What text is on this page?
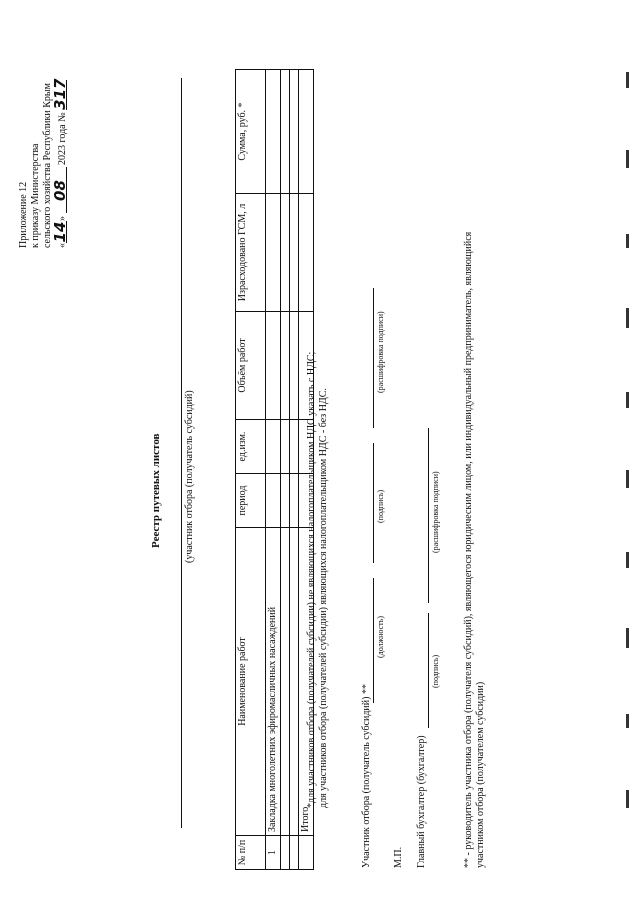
Приложение 12 к приказу Министерства сельского хозяйства Республики Крым «14» 08 2023 года № 317
Реестр путевых листов (участник отбора (получатель субсидий)
№ п/п	Наименование работ	период	ед.изм.	Объём работ	Израсходовано ГСМ, л	Сумма, руб. *
1	Закладка многолетних эфиромасличных насаждений					

	Итого					
*для участников отбора (получателей субсидии) не являющихся налогоплательщиком НДС указать с НДС; для участников отбора (получателей субсидии) являющихся налогоплательщиком НДС - без НДС.	Участник отбора (получатель субсидий) **
(должность)
(подпись)
(расшифровка подписи)
М.П. Главный бухгалтер (бухгалтер)
(подпись)
(расшифровка подписи) ** - руководитель участника отбора (получателя субсидий), являющегося юридическим лицом, или индивидуальный предприниматель, являющийся участником отбора (получателем субсидии)
